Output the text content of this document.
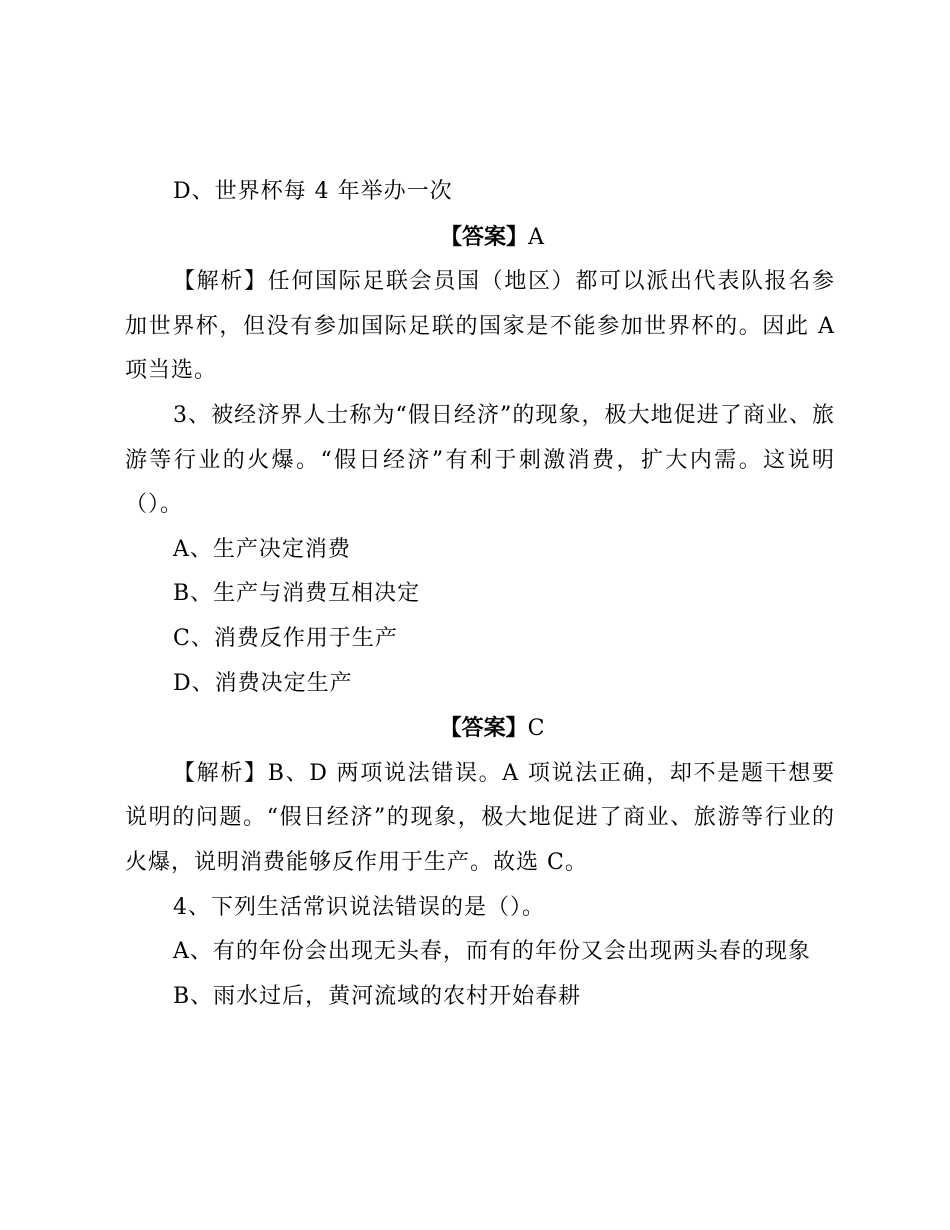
D、世界杯每 4 年举办一次

【答案】A

【解析】任何国际足联会员国（地区）都可以派出代表队报名参加世界杯，但没有参加国际足联的国家是不能参加世界杯的。因此 A 项当选。

3、被经济界人士称为“假日经济”的现象，极大地促进了商业、旅游等行业的火爆。“假日经济”有利于刺激消费，扩大内需。这说明（）。

A、生产决定消费

B、生产与消费互相决定

C、消费反作用于生产

D、消费决定生产

【答案】C

【解析】B、D 两项说法错误。A 项说法正确，却不是题干想要说明的问题。“假日经济”的现象，极大地促进了商业、旅游等行业的火爆，说明消费能够反作用于生产。故选 C。

4、下列生活常识说法错误的是（）。

A、有的年份会出现无头春，而有的年份又会出现两头春的现象

B、雨水过后，黄河流域的农村开始春耕
